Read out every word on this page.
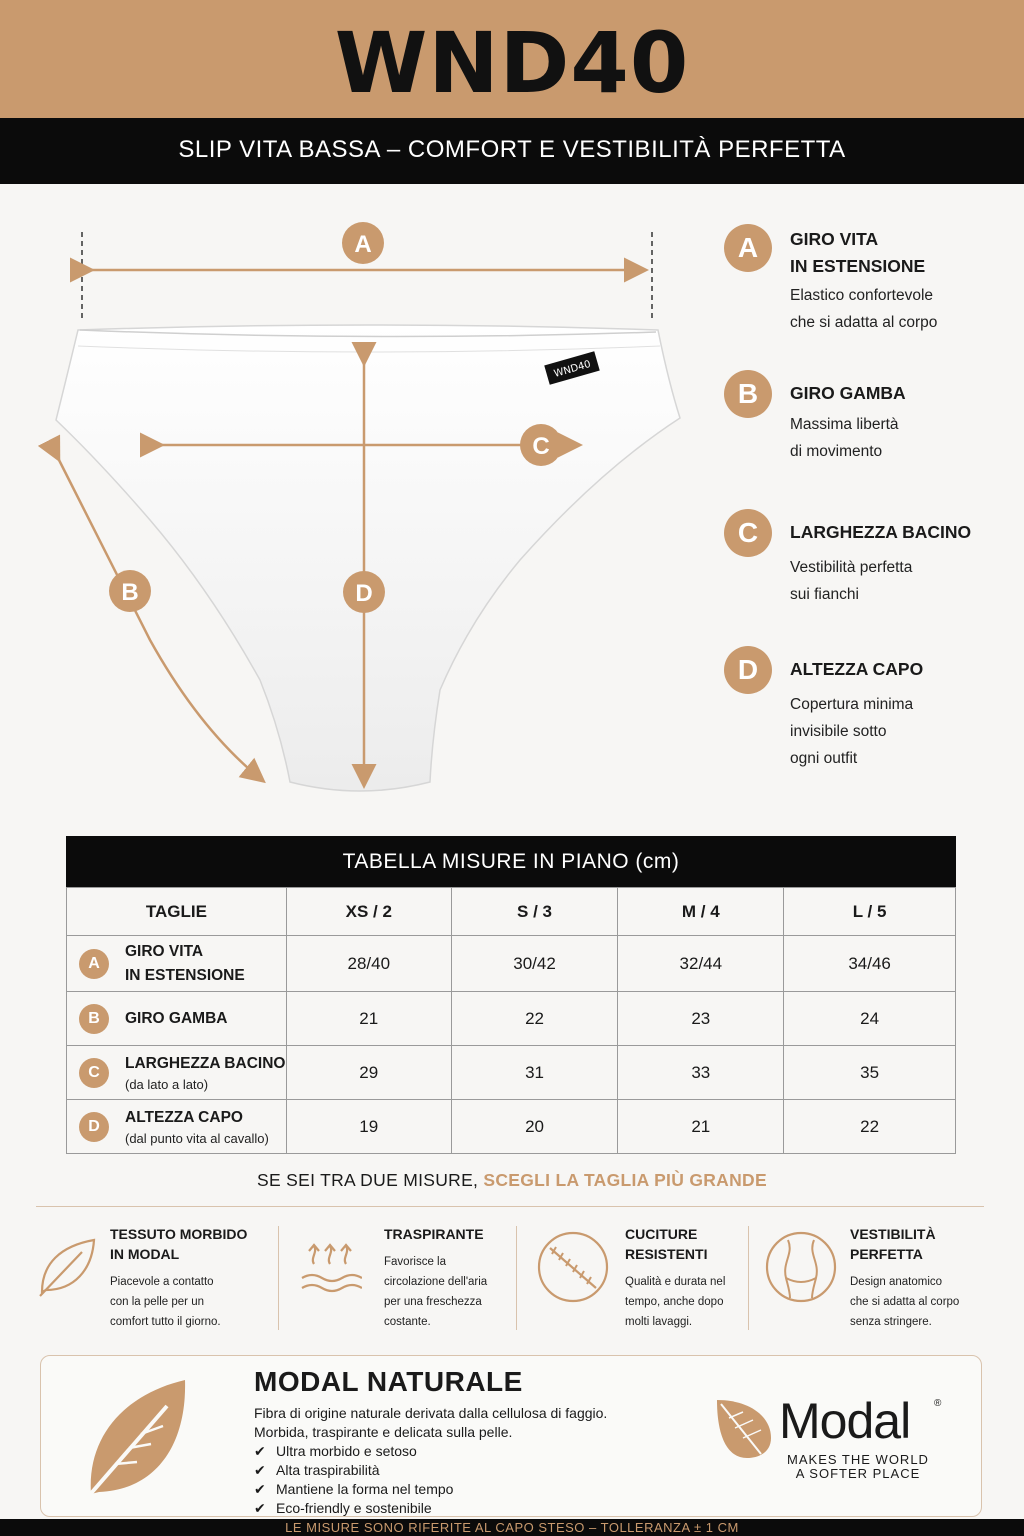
WND40
SLIP VITA BASSA – COMFORT E VESTIBILITÀ PERFETTA
WND40
A
C
D
B
A	GIRO VITA
IN ESTENSIONE
Elastico confortevole
che si adatta al corpo
B	GIRO GAMBA
Massima libertà
di movimento
C	LARGHEZZA BACINO
Vestibilità perfetta
sui fianchi
D	ALTEZZA CAPO
Copertura minima
invisibile sotto
ogni outfit
TABELLA MISURE IN PIANO (cm)
TAGLIE	XS / 2	S / 3	M / 4	L / 5

A
GIRO VITA
IN ESTENSIONE	28/40	30/42	32/44	34/46

B GIRO GAMBA	21	22	23	24

C
LARGHEZZA BACINO
(da lato a lato)	29	31	33	35

D
ALTEZZA CAPO
(dal punto vita al cavallo)	19	20	21	22
SE SEI TRA DUE MISURE, SCEGLI LA TAGLIA PIÙ GRANDE
TESSUTO MORBIDO
IN MODAL
Piacevole a contatto
con la pelle per un
comfort tutto il giorno.
TRASPIRANTE
Favorisce la
circolazione dell'aria
per una freschezza
costante.
CUCITURE
RESISTENTI
Qualità e durata nel
tempo, anche dopo
molti lavaggi.
VESTIBILITÀ
PERFETTA
Design anatomico
che si adatta al corpo
senza stringere.
MODAL NATURALE
Fibra di origine naturale derivata dalla cellulosa di faggio.
Morbida, traspirante e delicata sulla pelle.
✔ Ultra morbido e setoso
✔ Alta traspirabilità
✔ Mantiene la forma nel tempo
✔ Eco-friendly e sostenibile
Modal ®
MAKES THE WORLD
A SOFTER PLACE
LE MISURE SONO RIFERITE AL CAPO STESO – TOLLERANZA ± 1 CM
